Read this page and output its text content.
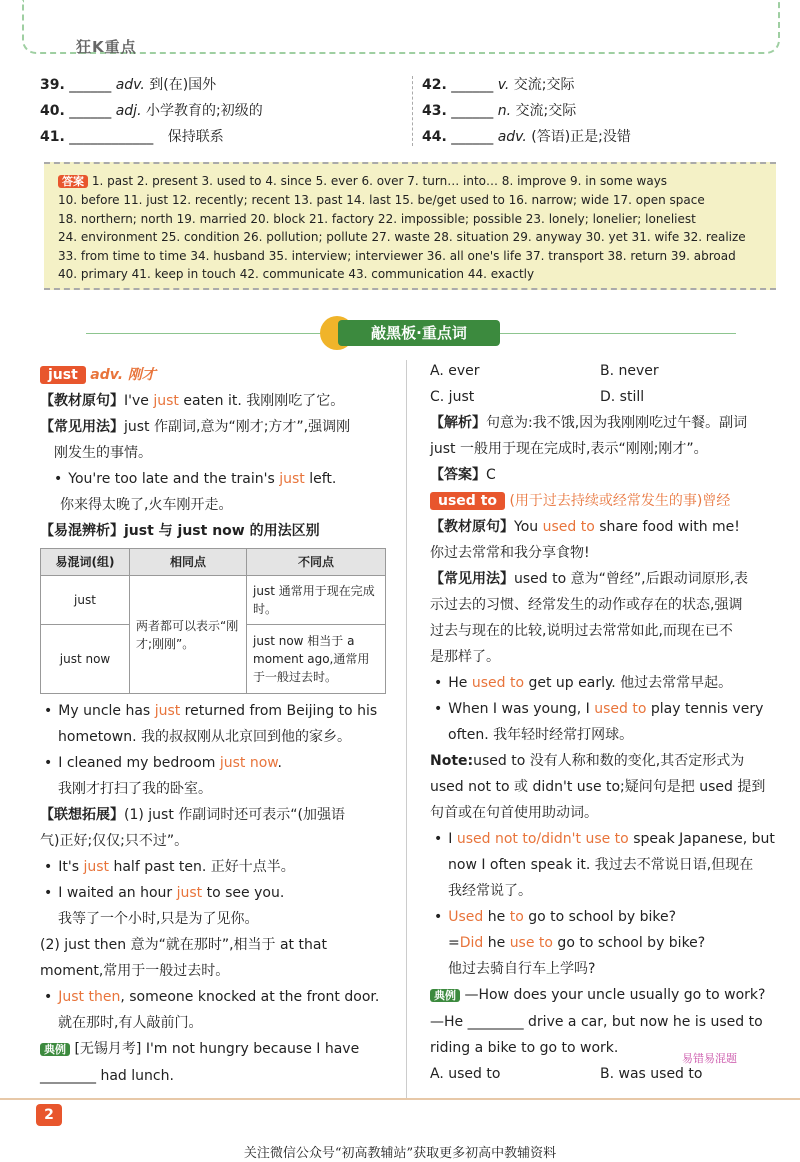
狂K重点
39. ______ adv. 到(在)国外
40. ______ adj. 小学教育的;初级的
41. ____________ 保持联系
42. ______ v. 交流;交际
43. ______ n. 交流;交际
44. ______ adv. (答语)正是;没错
答案 1. past 2. present 3. used to 4. since 5. ever 6. over 7. turn… into… 8. improve 9. in some ways
10. before 11. just 12. recently; recent 13. past 14. last 15. be/get used to 16. narrow; wide 17. open space
18. northern; north 19. married 20. block 21. factory 22. impossible; possible 23. lonely; lonelier; loneliest
24. environment 25. condition 26. pollution; pollute 27. waste 28. situation 29. anyway 30. yet 31. wife 32. realize
33. from time to time 34. husband 35. interview; interviewer 36. all one's life 37. transport 38. return 39. abroad
40. primary 41. keep in touch 42. communicate 43. communication 44. exactly
敲黑板·重点词
just adv. 刚才
【教材原句】I've just eaten it. 我刚刚吃了它。
【常见用法】just 作副词,意为“刚才;方才”,强调刚
刚发生的事情。
• You're too late and the train's just left.
你来得太晚了,火车刚开走。
【易混辨析】just 与 just now 的用法区别
易混词(组)	相同点	不同点
just	两者都可以表示“刚才;刚刚”。	just 通常用于现在完成时。
just now		just now 相当于 a moment ago,通常用于一般过去时。
• My uncle has just returned from Beijing to his
hometown. 我的叔叔刚从北京回到他的家乡。
• I cleaned my bedroom just now.
我刚才打扫了我的卧室。
【联想拓展】(1) just 作副词时还可表示“(加强语
气)正好;仅仅;只不过”。
• It's just half past ten. 正好十点半。
• I waited an hour just to see you.
我等了一个小时,只是为了见你。
(2) just then 意为“就在那时”,相当于 at that
moment,常用于一般过去时。
• Just then, someone knocked at the front door.
就在那时,有人敲前门。
典例 [无锡月考] I'm not hungry because I have
________ had lunch.
A. ever	B. never
C. just	D. still
【解析】句意为:我不饿,因为我刚刚吃过午餐。副词
just 一般用于现在完成时,表示“刚刚;刚才”。
【答案】C
used to (用于过去持续或经常发生的事)曾经
【教材原句】You used to share food with me!
你过去常常和我分享食物!
【常见用法】used to 意为“曾经”,后跟动词原形,表
示过去的习惯、经常发生的动作或存在的状态,强调
过去与现在的比较,说明过去常常如此,而现在已不
是那样了。
• He used to get up early. 他过去常常早起。
• When I was young, I used to play tennis very
often. 我年轻时经常打网球。
Note:used to 没有人称和数的变化,其否定形式为
used not to 或 didn't use to;疑问句是把 used 提到
句首或在句首使用助动词。
• I used not to/didn't use to speak Japanese, but
now I often speak it. 我过去不常说日语,但现在
我经常说了。
• Used he to go to school by bike?
=Did he use to go to school by bike?
他过去骑自行车上学吗?
典例 —How does your uncle usually go to work?
—He ________ drive a car, but now he is used to
riding a bike to go to work.
A. used to	B. was used to
易错易混题
2
关注微信公众号“初高教辅站”获取更多初高中教辅资料
